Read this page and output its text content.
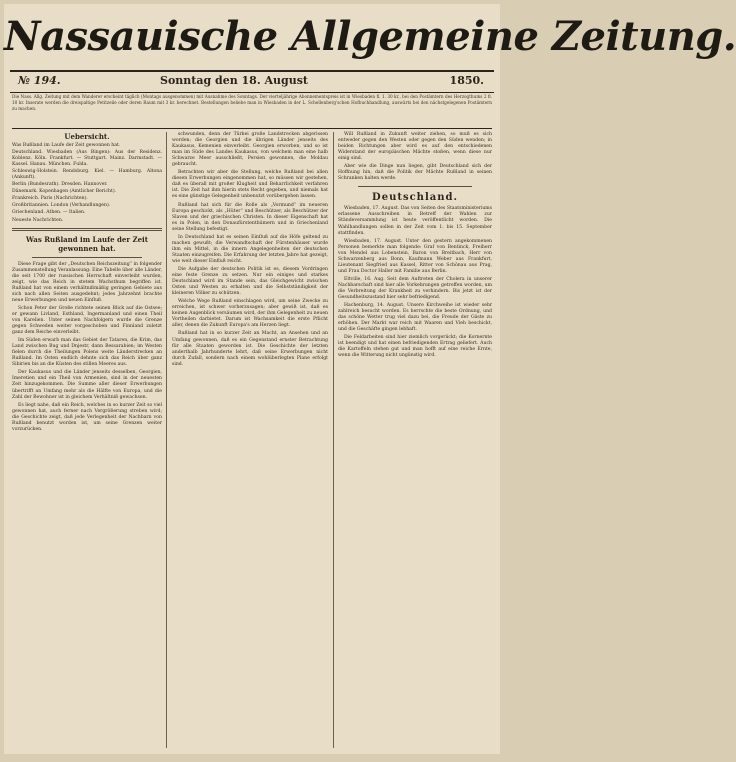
Nassauische Allgemeine Zeitung.
№ 194.	Sonntag den 18. August	1850.
Die Nass. Allg. Zeitung mit dem Wanderer erscheint täglich (Montags ausgenommen) mit Ausnahme des Sonntags. Der vierteljährige Abonnementspreis ist in Wiesbaden fl. 1. 30 kr., bei den Postämtern des Herzogthums 2 fl. 10 kr. Inserate werden die dreispaltige Petitzeile oder deren Raum mit 3 kr. berechnet. Bestellungen beliebe man in Wiesbaden in der L. Schellenberg'schen Hofbuchhandlung, auswärts bei den nächstgelegenen Postämtern zu machen.

Uebersicht.

Was Rußland im Laufe der Zeit gewonnen hat.

Deutschland. Wiesbaden (Aus Bingen): Aus der Residenz. Koblenz. Köln. Frankfurt. — Stuttgart. Mainz. Darmstadt. — Kassel. Hanau. München. Fulda.

Schleswig-Holstein. Rendsburg. Kiel. — Hamburg. Altona (Ankunft).

Berlin (Bundesrath). Dresden. Hannover.

Dänemark. Kopenhagen (Amtlicher Bericht).

Frankreich. Paris (Nachrichten).

Großbritannien. London (Verhandlungen).

Griechenland. Athen. — Italien.

Neueste Nachrichten.

Was Rußland im Laufe der Zeit gewonnen hat.

Diese Frage gibt der „Deutschen Reichszeitung“ in folgender Zusammenstellung Veranlassung: Eine Tabelle über alle Länder, die seit 1700 der russischen Herrschaft einverleibt wurden, zeigt, wie das Reich in stetem Wachsthum begriffen ist. Rußland hat von einem verhältnißmäßig geringen Gebiete aus sich nach allen Seiten ausgedehnt; jedes Jahrzehnt brachte neue Erwerbungen und neuen Einfluß.

Schon Peter der Große richtete seinen Blick auf die Ostsee; er gewann Livland, Esthland, Ingermanland und einen Theil von Karelien. Unter seinen Nachfolgern wurde die Grenze gegen Schweden weiter vorgeschoben und Finnland zuletzt ganz dem Reiche einverleibt.

Im Süden erwarb man das Gebiet der Tataren, die Krim, das Land zwischen Bug und Dnjestr, dann Bessarabien; im Westen fielen durch die Theilungen Polens weite Länderstrecken an Rußland. Im Osten endlich dehnte sich das Reich über ganz Sibirien bis an die Küsten des stillen Meeres aus.

Der Kaukasus und die Länder jenseits desselben, Georgien, Imeretien und ein Theil von Armenien, sind in der neuesten Zeit hinzugekommen. Die Summe aller dieser Erwerbungen übertrifft an Umfang mehr als die Hälfte von Europa, und die Zahl der Bewohner ist in gleichem Verhältniß gewachsen.

Es liegt nahe, daß ein Reich, welches in so kurzer Zeit so viel gewonnen hat, auch ferner nach Vergrößerung streben wird; die Geschichte zeigt, daß jede Verlegenheit der Nachbarn von Rußland benutzt worden ist, um seine Grenzen weiter vorzurücken.

schwunden, denn der Türkei große Landstrecken abgerissen worden; die Georgien und die übrigen Länder jenseits des Kaukasus, Kemenien einverleibt. Georgien erworben, und so ist man im Süde des Landes Kaukasus, von welchem man eine halb Schwarze Meer ausschließt, Persien gewonnen, die Moldau gebraucht.

Betrachten wir aber die Stellung, welche Rußland bei allen diesen Erwerbungen eingenommen hat, so müssen wir gestehen, daß es überall mit großer Klugheit und Beharrlichkeit verfahren ist. Die Zeit hat ihm hierin stets Recht gegeben, und niemals hat es eine günstige Gelegenheit unbenutzt vorübergehen lassen.

Rußland hat sich für die Rolle als „Vormund“ im neueren Europa geschickt, als „Hüter“ und Beschützer, als Beschützer der Slaven und der griechischen Christen. In dieser Eigenschaft hat es in Polen, in den Donaufürstenthümern und in Griechenland seine Stellung befestigt.

In Deutschland hat es seinen Einfluß auf die Höfe geltend zu machen gewußt; die Verwandtschaft der Fürstenhäuser wurde ihm ein Mittel, in die innern Angelegenheiten der deutschen Staaten einzugreifen. Die Erfahrung der letzten Jahre hat gezeigt, wie weit dieser Einfluß reicht.

Die Aufgabe der deutschen Politik ist es, diesem Vordringen eine feste Grenze zu setzen. Nur ein einiges und starkes Deutschland wird im Stande sein, das Gleichgewicht zwischen Osten und Westen zu erhalten und die Selbstständigkeit der kleineren Völker zu schützen.

Welche Wege Rußland einschlagen wird, um seine Zwecke zu erreichen, ist schwer vorherzusagen; aber gewiß ist, daß es keinen Augenblick versäumen wird, der ihm Gelegenheit zu neuen Vortheilen darbietet. Darum ist Wachsamkeit die erste Pflicht aller, denen die Zukunft Europa's am Herzen liegt.

Rußland hat in so kurzer Zeit an Macht, an Ansehen und an Umfang gewonnen, daß es ein Gegenstand ernster Betrachtung für alle Staaten geworden ist. Die Geschichte der letzten anderthalb Jahrhunderte lehrt, daß seine Erwerbungen nicht durch Zufall, sondern nach einem wohlüberlegten Plane erfolgt sind.

Will Rußland in Zukunft weiter ziehen, so muß es sich entweder gegen den Westen oder gegen den Süden wenden; in beiden Richtungen aber wird es auf den entschiedenen Widerstand der europäischen Mächte stoßen, wenn diese nur einig sind.

Aber wie die Dinge nun liegen, gibt Deutschland sich der Hoffnung hin, daß die Politik der Mächte Rußland in seinen Schranken halten werde.

Deutschland.

Wiesbaden, 17. August. Das von Seiten des Staatsministeriums erlassene Ausschreiben in Betreff der Wahlen zur Ständeversammlung ist heute veröffentlicht worden. Die Wahlhandlungen sollen in der Zeit vom 1. bis 15. September stattfinden.

Wiesbaden, 17. August. Unter den gestern angekommenen Personen bemerkte man folgende: Graf von Bentinck, Freiherr von Mendel aus Lobenstein, Baron von Breitbach, Herr von Schwarzenberg aus Bonn, Kaufmann Weber aus Frankfurt, Lieutenant Siegfried aus Kassel, Ritter von Schönau aus Prag, und Frau Doctor Haller mit Familie aus Berlin.

Eltville, 16. Aug. Seit dem Auftreten der Cholera in unserer Nachbarschaft sind hier alle Vorkehrungen getroffen worden, um die Verbreitung der Krankheit zu verhindern. Bis jetzt ist der Gesundheitszustand hier sehr befriedigend.

Hachenburg, 14. August. Unsere Kirchweihe ist wieder sehr zahlreich besucht worden. Es herrschte die beste Ordnung, und das schöne Wetter trug viel dazu bei, die Freude der Gäste zu erhöhen. Der Markt war reich mit Waaren und Vieh beschickt, und die Geschäfte gingen lebhaft.

Die Feldarbeiten sind hier ziemlich vorgerückt; die Kornernte ist beendigt und hat einen befriedigenden Ertrag geliefert. Auch die Kartoffeln stehen gut und man hofft auf eine reiche Ernte, wenn die Witterung nicht ungünstig wird.
